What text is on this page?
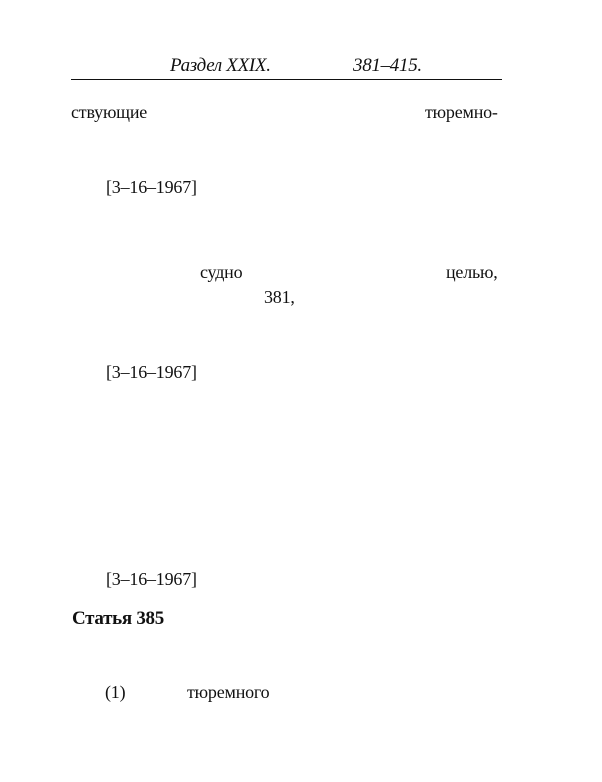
Раздел XXIX.	381–415.
ствующие	тюремно-
[3–16–1967]
судно	целью,
381,
[3–16–1967]
[3–16–1967]
Статья 385
(1)	тюремного
